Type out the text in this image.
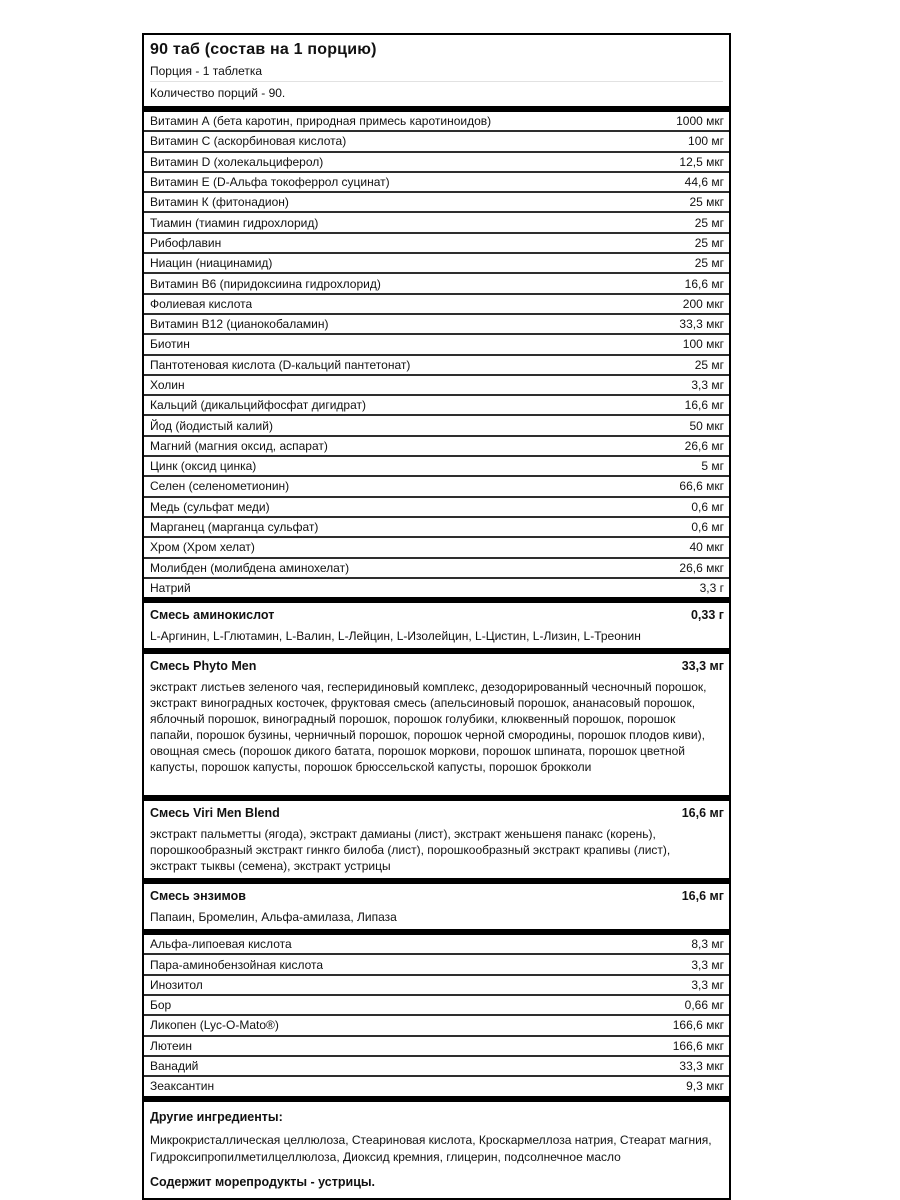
90 таб (состав на 1 порцию)
Порция - 1 таблетка
Количество порций - 90.
Витамин А (бета каротин, природная примесь каротиноидов)	1000 мкг
Витамин C (аскорбиновая кислота)	100 мг
Витамин D (холекальциферол)	12,5 мкг
Витамин E (D-Альфа токоферрол суцинат)	44,6 мг
Витамин К (фитонадион)	25 мкг
Тиамин (тиамин гидрохлорид)	25 мг
Рибофлавин	25 мг
Ниацин (ниацинамид)	25 мг
Витамин B6 (пиридоксиина гидрохлорид)	16,6 мг
Фолиевая кислота	200 мкг
Витамин B12 (цианокобаламин)	33,3 мкг
Биотин	100 мкг
Пантотеновая кислота (D-кальций пантетонат)	25 мг
Холин	3,3 мг
Кальций (дикальцийфосфат дигидрат)	16,6 мг
Йод (йодистый калий)	50 мкг
Магний (магния оксид, аспарат)	26,6 мг
Цинк (оксид цинка)	5 мг
Селен (селенометионин)	66,6 мкг
Медь (сульфат меди)	0,6 мг
Марганец (марганца сульфат)	0,6 мг
Хром (Хром хелат)	40 мкг
Молибден (молибдена аминохелат)	26,6 мкг
Натрий	3,3 г
Смесь аминокислот	0,33 г
L-Аргинин, L-Глютамин, L-Валин, L-Лейцин, L-Изолейцин, L-Цистин, L-Лизин, L-Треонин
Смесь Phyto Men	33,3 мг
экстракт листьев зеленого чая, гесперидиновый комплекс, дезодорированный чесночный порошок, экстракт виноградных косточек, фруктовая смесь (апельсиновый порошок, ананасовый порошок, яблочный порошок, виноградный порошок, порошок голубики, клюквенный порошок, порошок папайи, порошок бузины, черничный порошок, порошок черной смородины, порошок плодов киви), овощная смесь (порошок дикого батата, порошок моркови, порошок шпината, порошок цветной капусты, порошок капусты, порошок брюссельской капусты, порошок брокколи
Смесь Viri Men Blend	16,6 мг
экстракт пальметты (ягода), экстракт дамианы (лист), экстракт женьшеня панакс (корень), порошкообразный экстракт гинкго билоба (лист), порошкообразный экстракт крапивы (лист), экстракт тыквы (семена), экстракт устрицы
Смесь энзимов	16,6 мг
Папаин, Бромелин, Альфа-амилаза, Липаза
Альфа-липоевая кислота	8,3 мг
Пара-аминобензойная кислота	3,3 мг
Инозитол	3,3 мг
Бор	0,66 мг
Ликопен (Lyc-O-Mato®)	166,6 мкг
Лютеин	166,6 мкг
Ванадий	33,3 мкг
Зеаксантин	9,3 мкг
Другие ингредиенты:
Микрокристаллическая целлюлоза, Стеариновая кислота, Кроскармеллоза натрия, Стеарат магния, Гидроксипропилметилцеллюлоза, Диоксид кремния, глицерин, подсолнечное масло
Содержит морепродукты - устрицы.
